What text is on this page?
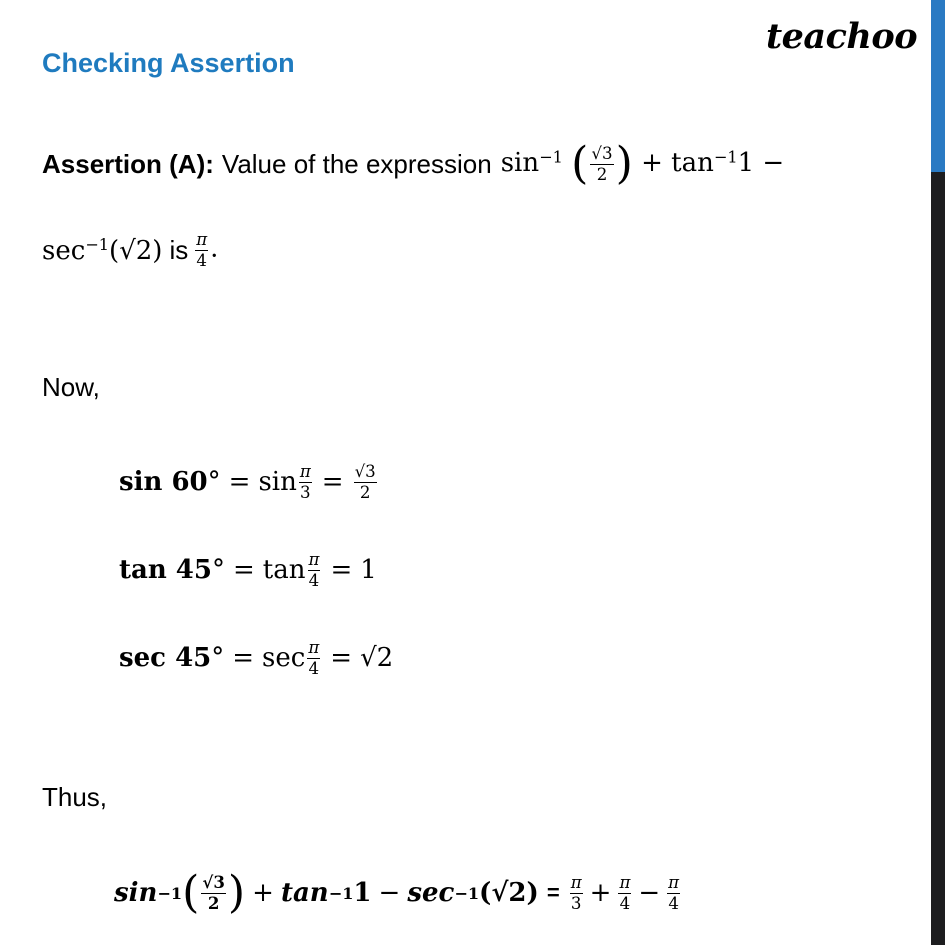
teachoo
Checking Assertion
Assertion (A): Value of the expression $\sin^{-1}$ ( $\frac{√3}{2}$ ) + $\tan^{-1}1$ −
$\sec^{-1}(√2)$ is $\frac{\pi}{4}$ .
Now,
sin 60 ° = $\sin \frac{\pi}{3} = \frac{√3}{2}$
tan 45 ° = $\tan \frac{\pi}{4} = 1$
sec 45 ° = $\sec \frac{\pi}{4} = √2$
Thus,
sin −1 ( $\frac{√3}{2}$ ) + tan −1 1 − sec −1 $(√2) = \frac{\pi}{3} + \frac{\pi}{4} - \frac{\pi}{4}$
